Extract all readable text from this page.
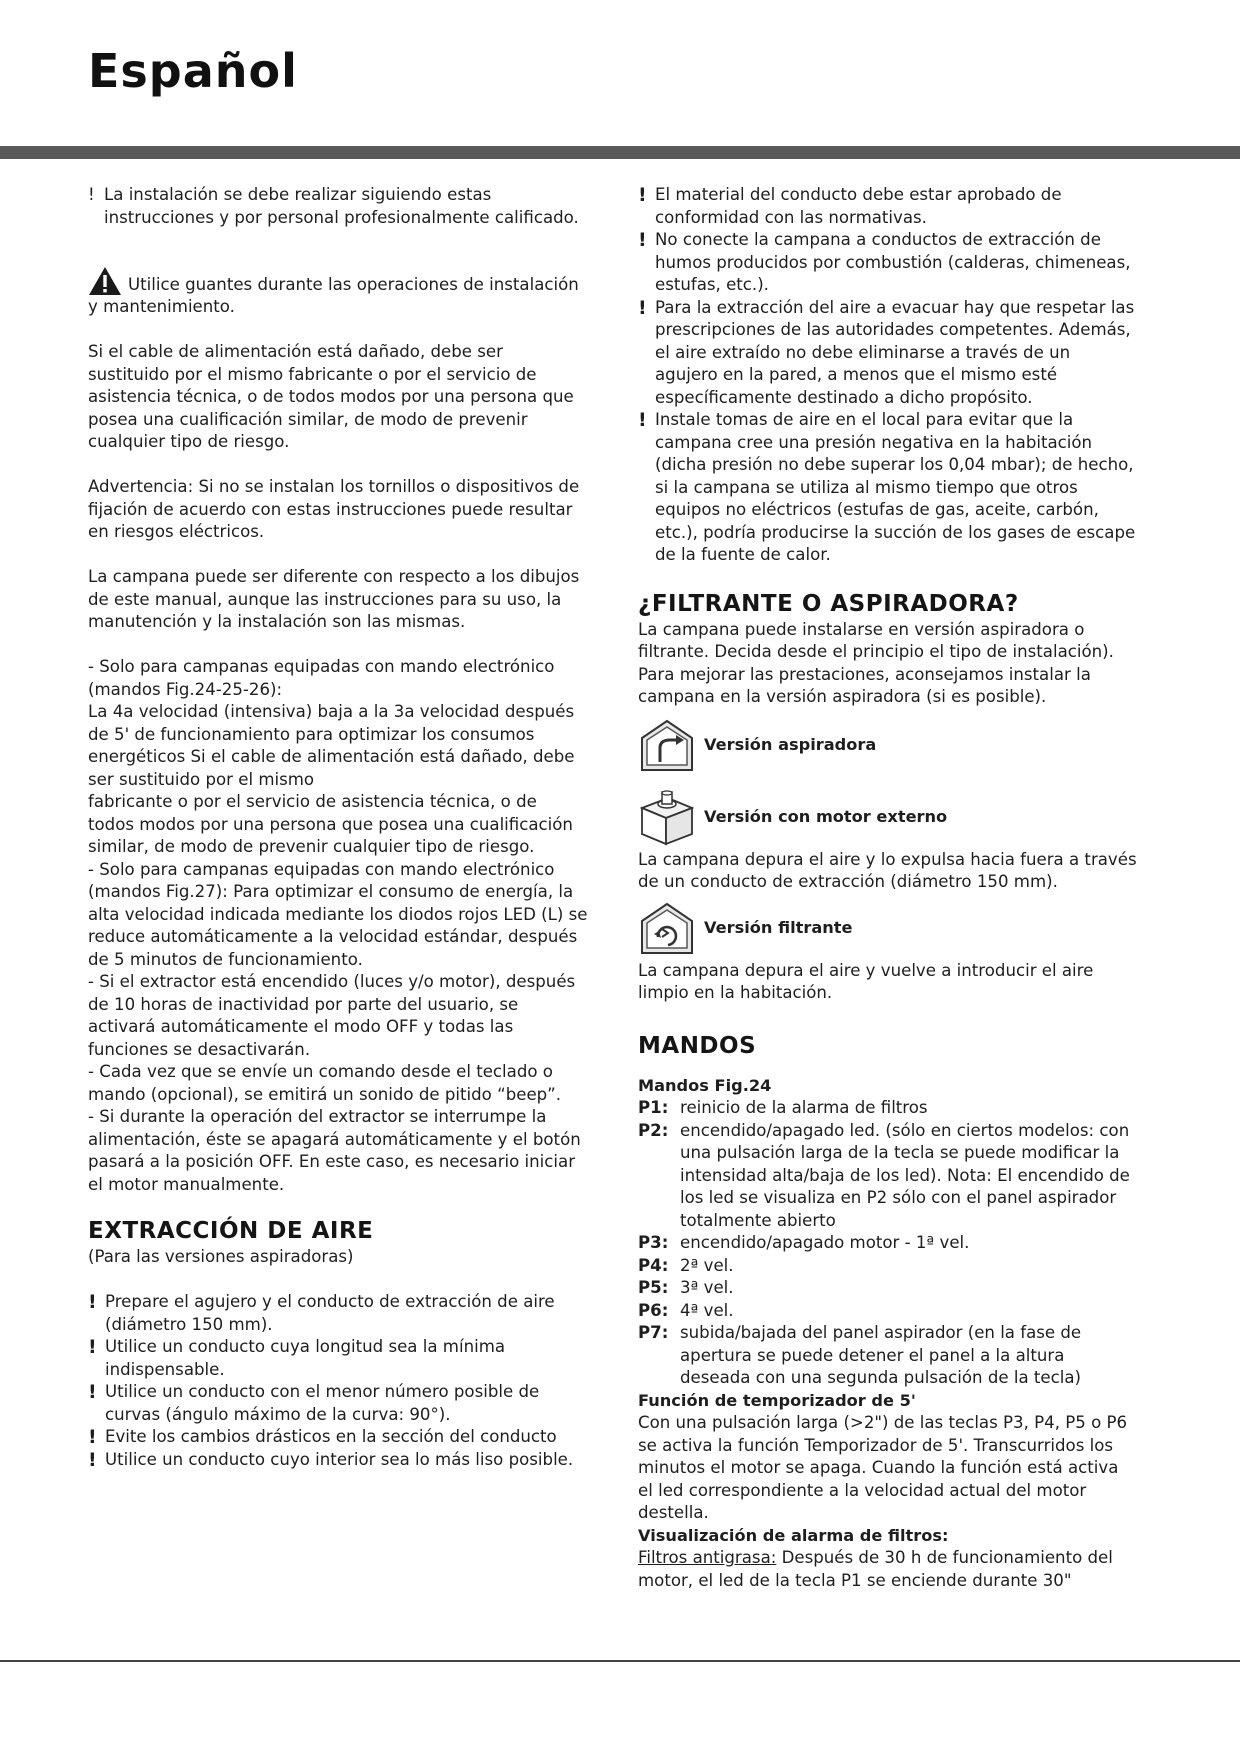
Español
! La instalación se debe realizar siguiendo estas instrucciones y por personal profesionalmente calificado.

Utilice guantes durante las operaciones de instalación y mantenimiento.

Si el cable de alimentación está dañado, debe ser sustituido por el mismo fabricante o por el servicio de asistencia técnica, o de todos modos por una persona que posea una cualificación similar, de modo de prevenir cualquier tipo de riesgo.

Advertencia: Si no se instalan los tornillos o dispositivos de fijación de acuerdo con estas instrucciones puede resultar en riesgos eléctricos.

La campana puede ser diferente con respecto a los dibujos de este manual, aunque las instrucciones para su uso, la manutención y la instalación son las mismas.

- Solo para campanas equipadas con mando electrónico (mandos Fig.24-25-26):

La 4a velocidad (intensiva) baja a la 3a velocidad después de 5' de funcionamiento para optimizar los consumos energéticos Si el cable de alimentación está dañado, debe ser sustituido por el mismo

fabricante o por el servicio de asistencia técnica, o de todos modos por una persona que posea una cualificación similar, de modo de prevenir cualquier tipo de riesgo.

- Solo para campanas equipadas con mando electrónico (mandos Fig.27): Para optimizar el consumo de energía, la alta velocidad indicada mediante los diodos rojos LED (L) se reduce automáticamente a la velocidad estándar, después de 5 minutos de funcionamiento.

- Si el extractor está encendido (luces y/o motor), después de 10 horas de inactividad por parte del usuario, se activará automáticamente el modo OFF y todas las funciones se desactivarán.

- Cada vez que se envíe un comando desde el teclado o mando (opcional), se emitirá un sonido de pitido “beep”.

- Si durante la operación del extractor se interrumpe la alimentación, éste se apagará automáticamente y el botón pasará a la posición OFF. En este caso, es necesario iniciar el motor manualmente.

EXTRACCIÓN DE AIRE

(Para las versiones aspiradoras)

! Prepare el agujero y el conducto de extracción de aire (diámetro 150 mm).

! Utilice un conducto cuya longitud sea la mínima indispensable.

! Utilice un conducto con el menor número posible de curvas (ángulo máximo de la curva: 90°).

! Evite los cambios drásticos en la sección del conducto

! Utilice un conducto cuyo interior sea lo más liso posible.

! El material del conducto debe estar aprobado de conformidad con las normativas.

! No conecte la campana a conductos de extracción de humos producidos por combustión (calderas, chimeneas, estufas, etc.).

! Para la extracción del aire a evacuar hay que respetar las prescripciones de las autoridades competentes. Además, el aire extraído no debe eliminarse a través de un agujero en la pared, a menos que el mismo esté específicamente destinado a dicho propósito.

! Instale tomas de aire en el local para evitar que la campana cree una presión negativa en la habitación (dicha presión no debe superar los 0,04 mbar); de hecho, si la campana se utiliza al mismo tiempo que otros equipos no eléctricos (estufas de gas, aceite, carbón, etc.), podría producirse la succión de los gases de escape de la fuente de calor.

¿FILTRANTE O ASPIRADORA?

La campana puede instalarse en versión aspiradora o filtrante. Decida desde el principio el tipo de instalación). Para mejorar las prestaciones, aconsejamos instalar la campana en la versión aspiradora (si es posible).

Versión aspiradora
Versión con motor externo

La campana depura el aire y lo expulsa hacia fuera a través de un conducto de extracción (diámetro 150 mm).

Versión filtrante

La campana depura el aire y vuelve a introducir el aire limpio en la habitación.

MANDOS

Mandos Fig.24

P1: reinicio de la alarma de filtros
P2: encendido/apagado led. (sólo en ciertos modelos: con una pulsación larga de la tecla se puede modificar la intensidad alta/baja de los led). Nota: El encendido de los led se visualiza en P2 sólo con el panel aspirador totalmente abierto
P3: encendido/apagado motor - 1ª vel.
P4: 2ª vel.
P5: 3ª vel.
P6: 4ª vel.
P7: subida/bajada del panel aspirador (en la fase de apertura se puede detener el panel a la altura deseada con una segunda pulsación de la tecla)

Función de temporizador de 5'

Con una pulsación larga (>2") de las teclas P3, P4, P5 o P6 se activa la función Temporizador de 5'. Transcurridos los minutos el motor se apaga. Cuando la función está activa el led correspondiente a la velocidad actual del motor destella.

Visualización de alarma de filtros:

Filtros antigrasa: Después de 30 h de funcionamiento del motor, el led de la tecla P1 se enciende durante 30"
